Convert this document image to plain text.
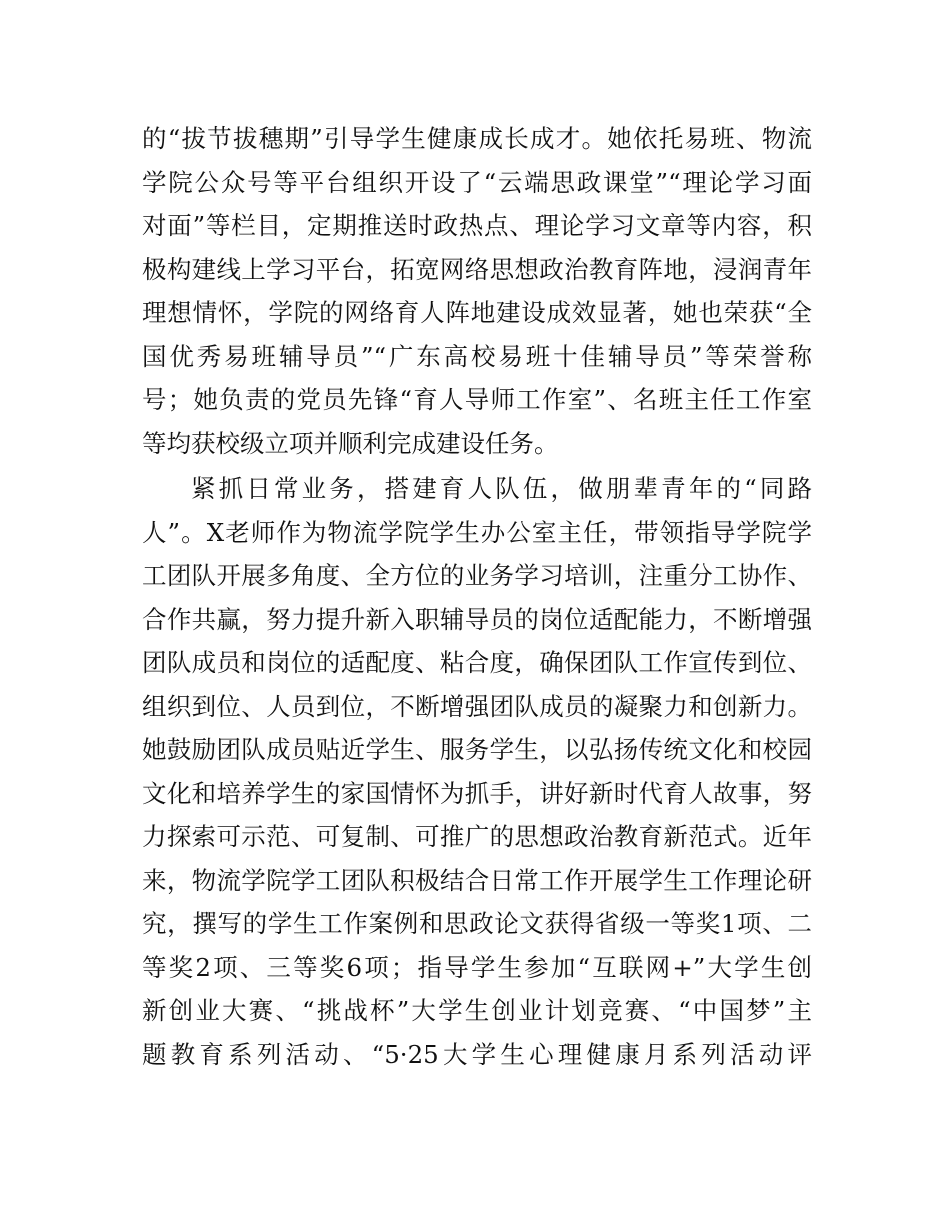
的“拔节拔穗期”引导学生健康成长成才。她依托易班、物流
学院公众号等平台组织开设了“云端思政课堂”“理论学习面
对面”等栏目，定期推送时政热点、理论学习文章等内容，积
极构建线上学习平台，拓宽网络思想政治教育阵地，浸润青年
理想情怀，学院的网络育人阵地建设成效显著，她也荣获“全
国优秀易班辅导员”“广东高校易班十佳辅导员”等荣誉称
号；她负责的党员先锋“育人导师工作室”、名班主任工作室
等均获校级立项并顺利完成建设任务。
紧抓日常业务，搭建育人队伍，做朋辈青年的“同路
人”。X老师作为物流学院学生办公室主任，带领指导学院学
工团队开展多角度、全方位的业务学习培训，注重分工协作、
合作共赢，努力提升新入职辅导员的岗位适配能力，不断增强
团队成员和岗位的适配度、粘合度，确保团队工作宣传到位、
组织到位、人员到位，不断增强团队成员的凝聚力和创新力。
她鼓励团队成员贴近学生、服务学生，以弘扬传统文化和校园
文化和培养学生的家国情怀为抓手，讲好新时代育人故事，努
力探索可示范、可复制、可推广的思想政治教育新范式。近年
来，物流学院学工团队积极结合日常工作开展学生工作理论研
究，撰写的学生工作案例和思政论文获得省级一等奖1项、二
等奖2项、三等奖6项；指导学生参加“互联网+”大学生创
新创业大赛、“挑战杯”大学生创业计划竞赛、“中国梦”主
题教育系列活动、“5·25大学生心理健康月系列活动评
